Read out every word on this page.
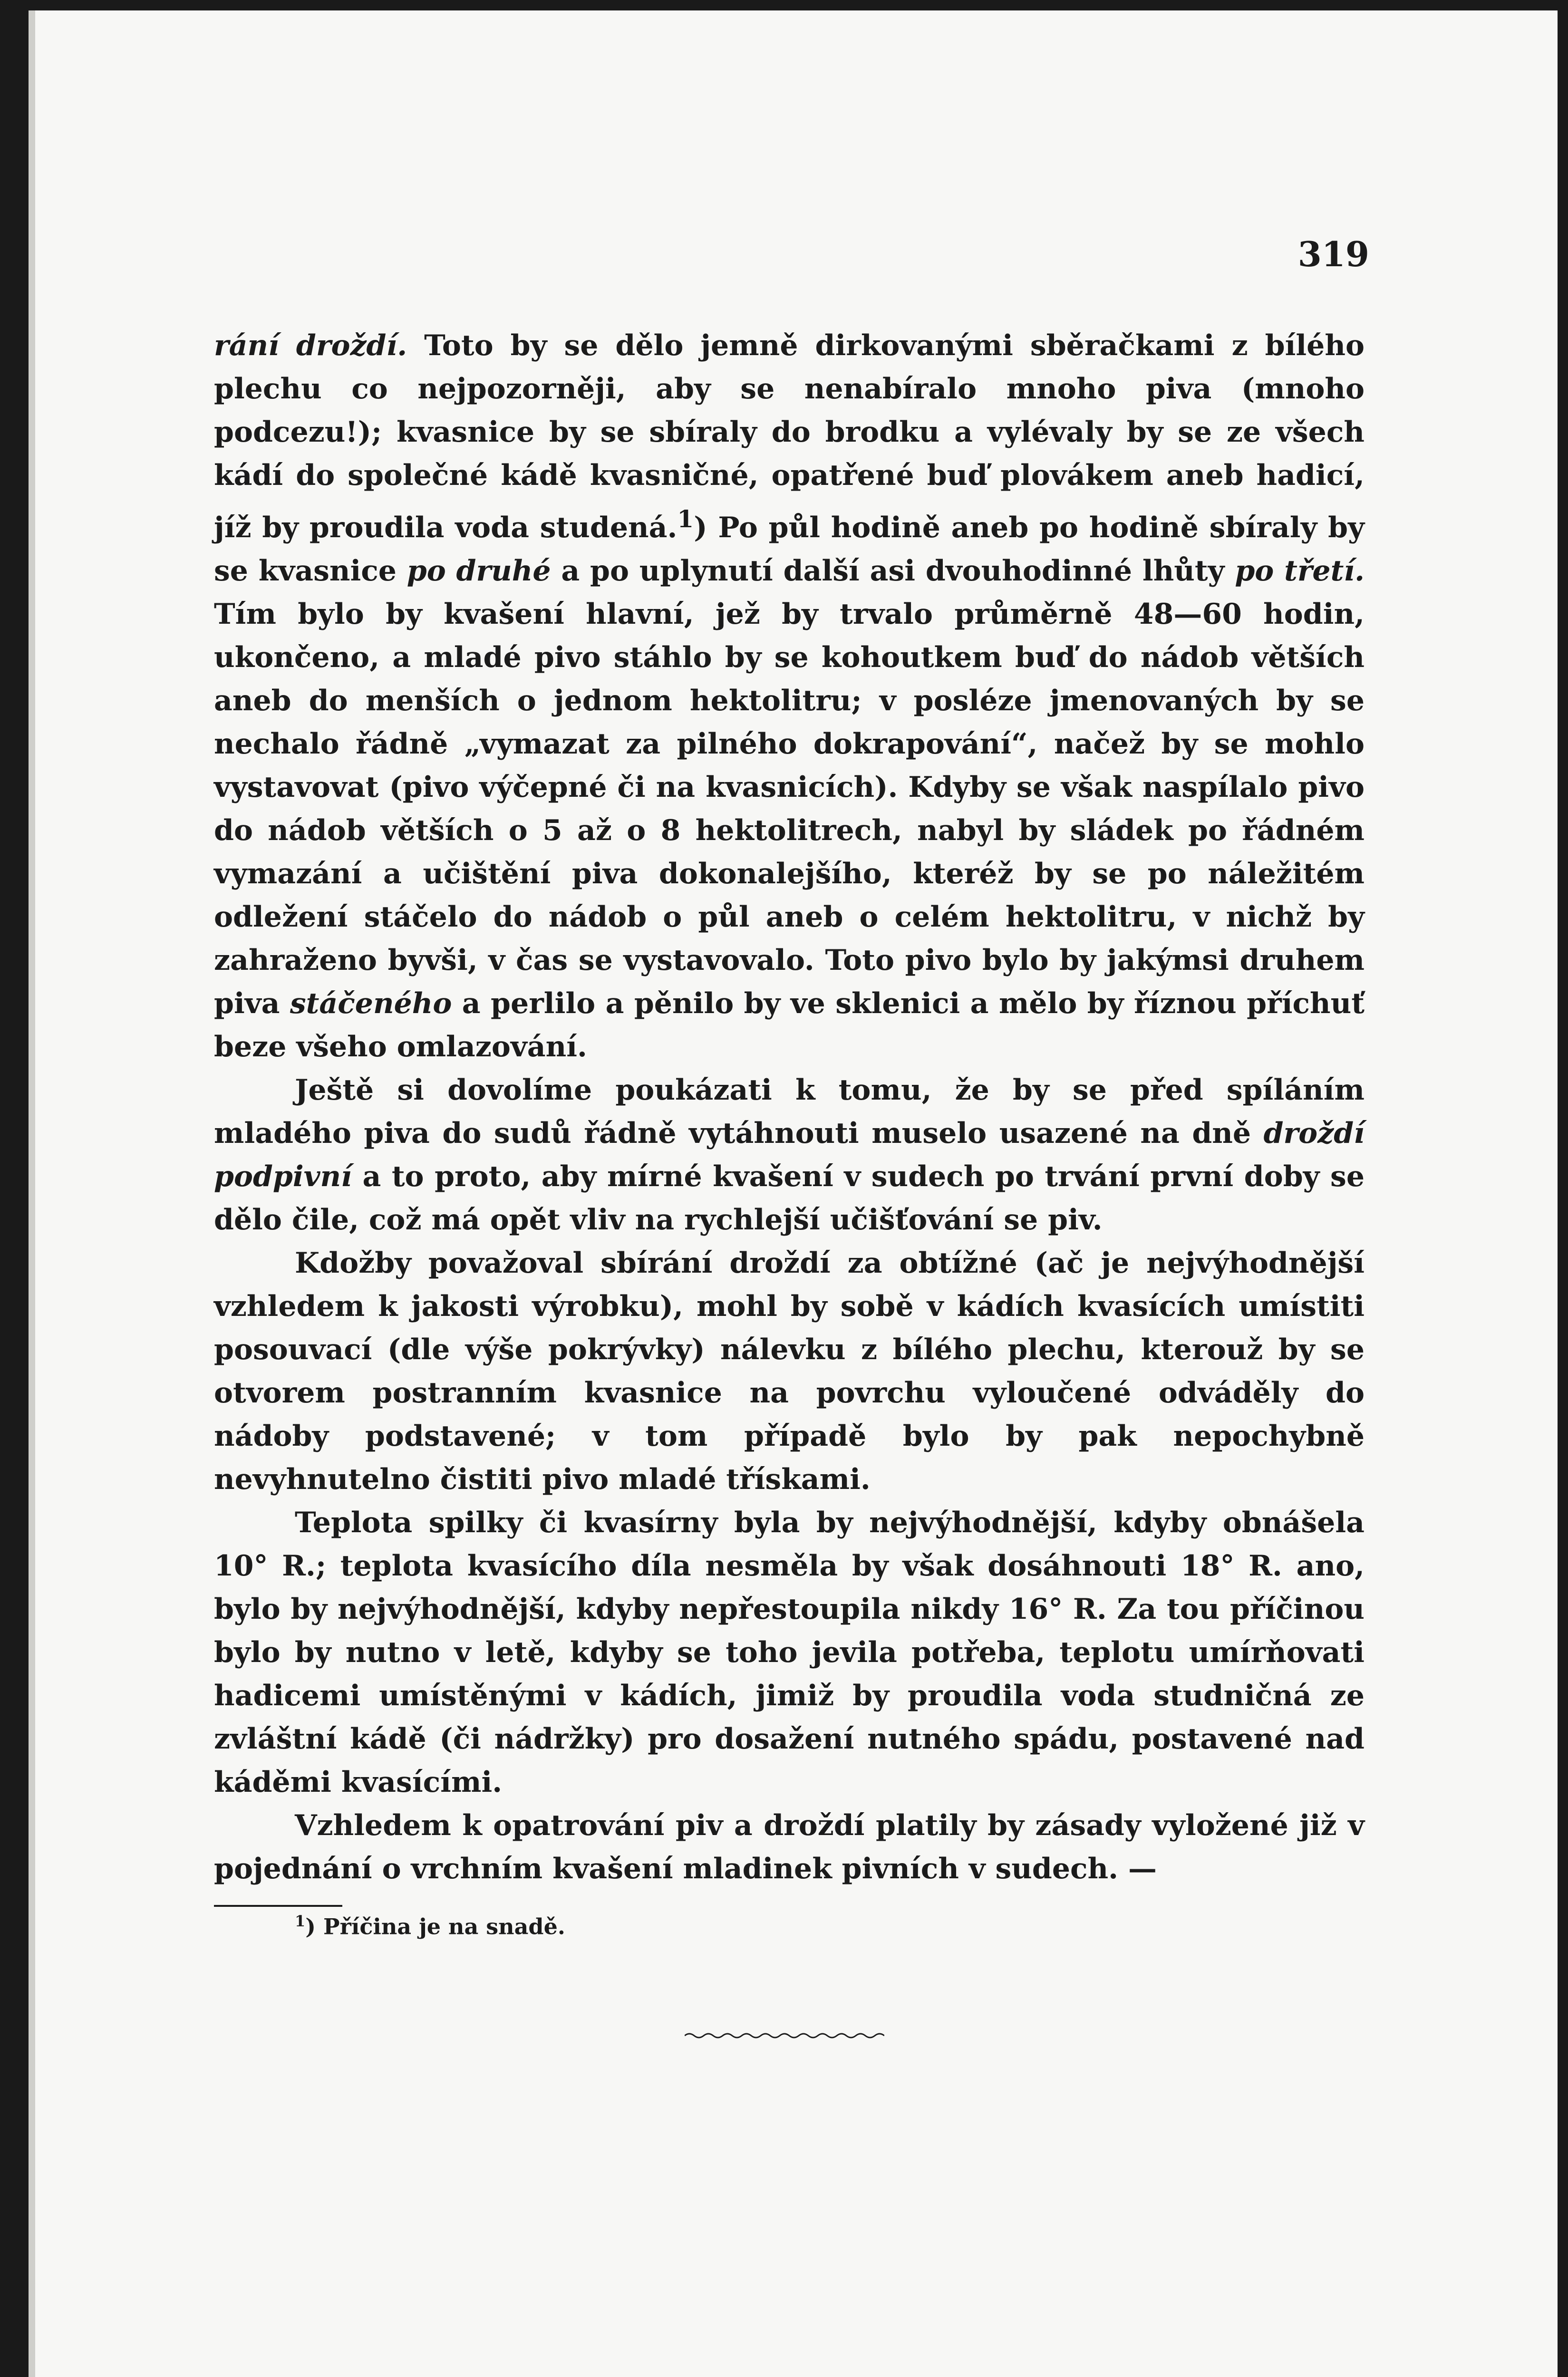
319

rání droždí. Toto by se dělo jemně dirkovanými sběračkami z bílého plechu co nejpozorněji, aby se nenabíralo mnoho piva (mnoho podcezu!); kvasnice by se sbíraly do brodku a vylévaly by se ze všech kádí do společné kádě kvasničné, opatřené buď plovákem aneb hadicí, jíž by proudila voda studená.$^1$) Po půl hodině aneb po hodině sbíraly by se kvasnice po druhé a po uplynutí další asi dvouhodinné lhůty po třetí. Tím bylo by kvašení hlavní, jež by trvalo průměrně 48—60 hodin, ukončeno, a mladé pivo stáhlo by se kohoutkem buď do nádob větších aneb do menších o jednom hektolitru; v posléze jmenovaných by se nechalo řádně „vymazat za pilného dokrapování“, načež by se mohlo vystavovat (pivo výčepné či na kvasnicích). Kdyby se však naspílalo pivo do nádob větších o 5 až o 8 hektolitrech, nabyl by sládek po řádném vymazání a učištění piva dokonalejšího, kteréž by se po náležitém odležení stáčelo do nádob o půl aneb o celém hektolitru, v nichž by zahraženo byvši, v čas se vystavovalo. Toto pivo bylo by jakýmsi druhem piva stáčeného a perlilo a pěnilo by ve sklenici a mělo by říznou příchuť beze všeho omlazování.

Ještě si dovolíme poukázati k tomu, že by se před spíláním mladého piva do sudů řádně vytáhnouti muselo usazené na dně droždí podpivní a to proto, aby mírné kvašení v sudech po trvání první doby se dělo čile, což má opět vliv na rychlejší učišťování se piv.

Kdožby považoval sbírání droždí za obtížné (ač je nejvýhodnější vzhledem k jakosti výrobku), mohl by sobě v kádích kvasících umístiti posouvací (dle výše pokrývky) nálevku z bílého plechu, kterouž by se otvorem postranním kvasnice na povrchu vyloučené odváděly do nádoby podstavené; v tom případě bylo by pak nepochybně nevyhnutelno čistiti pivo mladé třískami.

Teplota spilky či kvasírny byla by nejvýhodnější, kdyby obnášela 10° R.; teplota kvasícího díla nesměla by však dosáhnouti 18° R. ano, bylo by nejvýhodnější, kdyby nepřestoupila nikdy 16° R. Za tou příčinou bylo by nutno v letě, kdyby se toho jevila potřeba, teplotu umírňovati hadicemi umístěnými v kádích, jimiž by proudila voda studničná ze zvláštní kádě (či nádržky) pro dosažení nutného spádu, postavené nad káděmi kvasícími.

Vzhledem k opatrování piv a droždí platily by zásady vyložené již v pojednání o vrchním kvašení mladinek pivních v sudech. —

$^1$) Příčina je na snadě.
